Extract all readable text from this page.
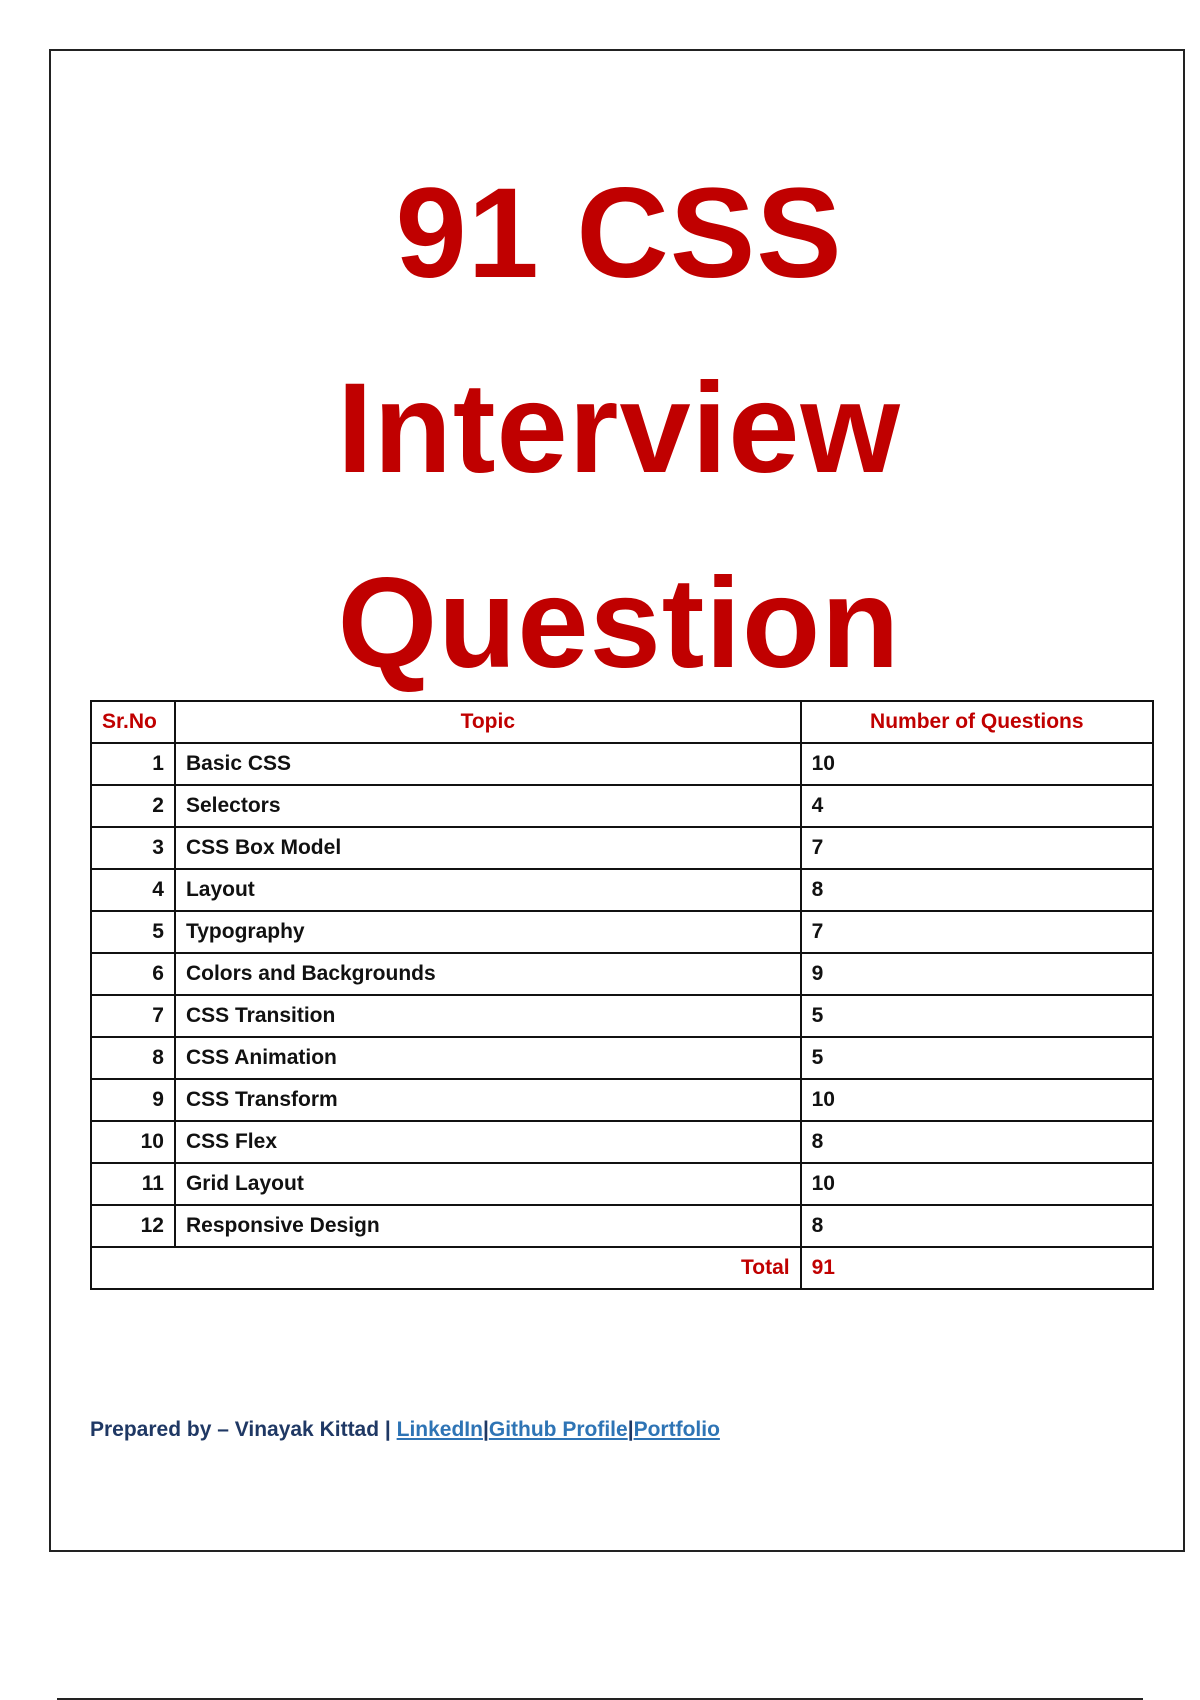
91 CSS
Interview
Question
Sr.No	Topic	Number of Questions
1	Basic CSS	10
2	Selectors	4
3	CSS Box Model	7
4	Layout	8
5	Typography	7
6	Colors and Backgrounds	9
7	CSS Transition	5
8	CSS Animation	5
9	CSS Transform	10
10	CSS Flex	8
11	Grid Layout	10
12	Responsive Design	8
Total		91
Prepared by – Vinayak Kittad | LinkedIn|Github Profile|Portfolio
